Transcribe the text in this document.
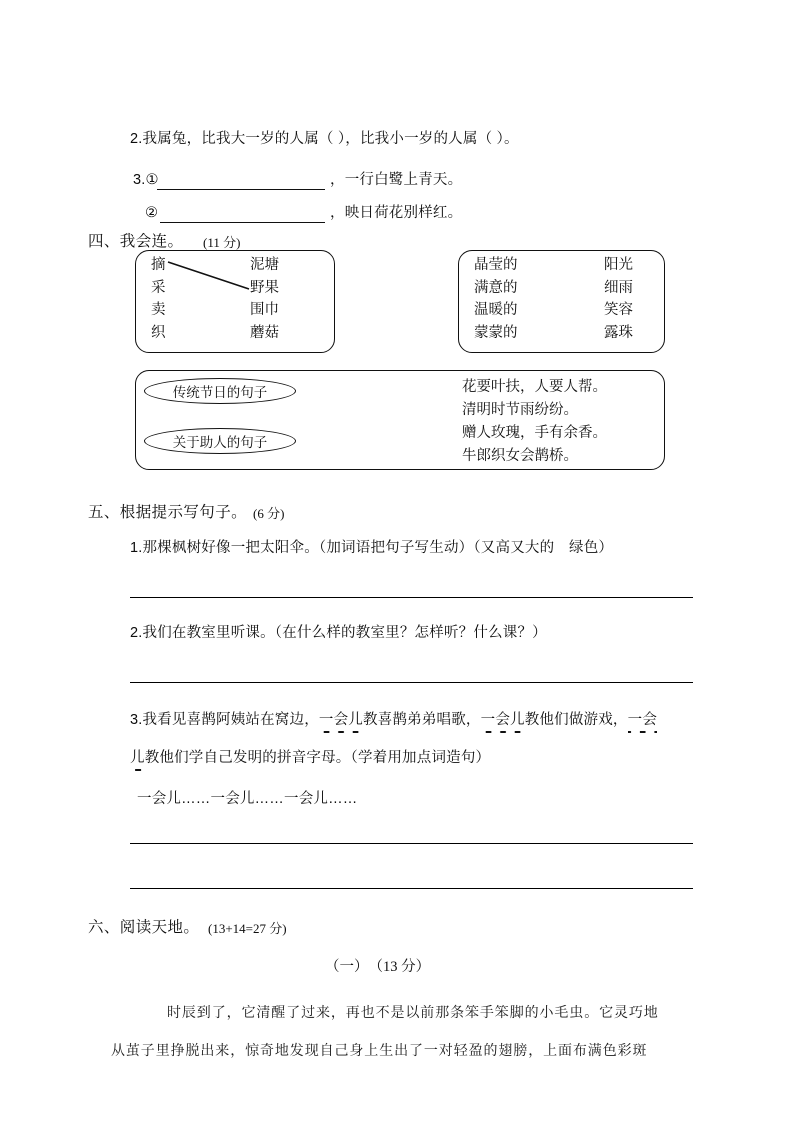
2.我属兔，比我大一岁的人属（ ），比我小一岁的人属（ ）。
3.①	，一行白鹭上青天。
②	，映日荷花别样红。
四、我会连。 (11 分)
摘
采
卖
织
泥塘
野果
围巾
蘑菇
晶莹的
满意的
温暖的
蒙蒙的
阳光
细雨
笑容
露珠
传统节日的句子
关于助人的句子
花要叶扶，人要人帮。
清明时节雨纷纷。
赠人玫瑰，手有余香。
牛郎织女会鹊桥。
五、根据提示写句子。 (6 分)
1.那棵枫树好像一把太阳伞。（加词语把句子写生动）（又高又大的　绿色）
2.我们在教室里听课。（在什么样的教室里？怎样听？什么课？）
3.我看见喜鹊阿姨站在窝边，一会儿教喜鹊弟弟唱歌，一会儿教他们做游戏，一会
儿教他们学自己发明的拼音字母。（学着用加点词造句）
一会儿……一会儿……一会儿……
六、阅读天地。 (13+14=27 分)
（一）　（13 分）
时辰到了，它清醒了过来，再也不是以前那条笨手笨脚的小毛虫。它灵巧地
从茧子里挣脱出来，惊奇地发现自己身上生出了一对轻盈的翅膀，上面布满色彩斑
